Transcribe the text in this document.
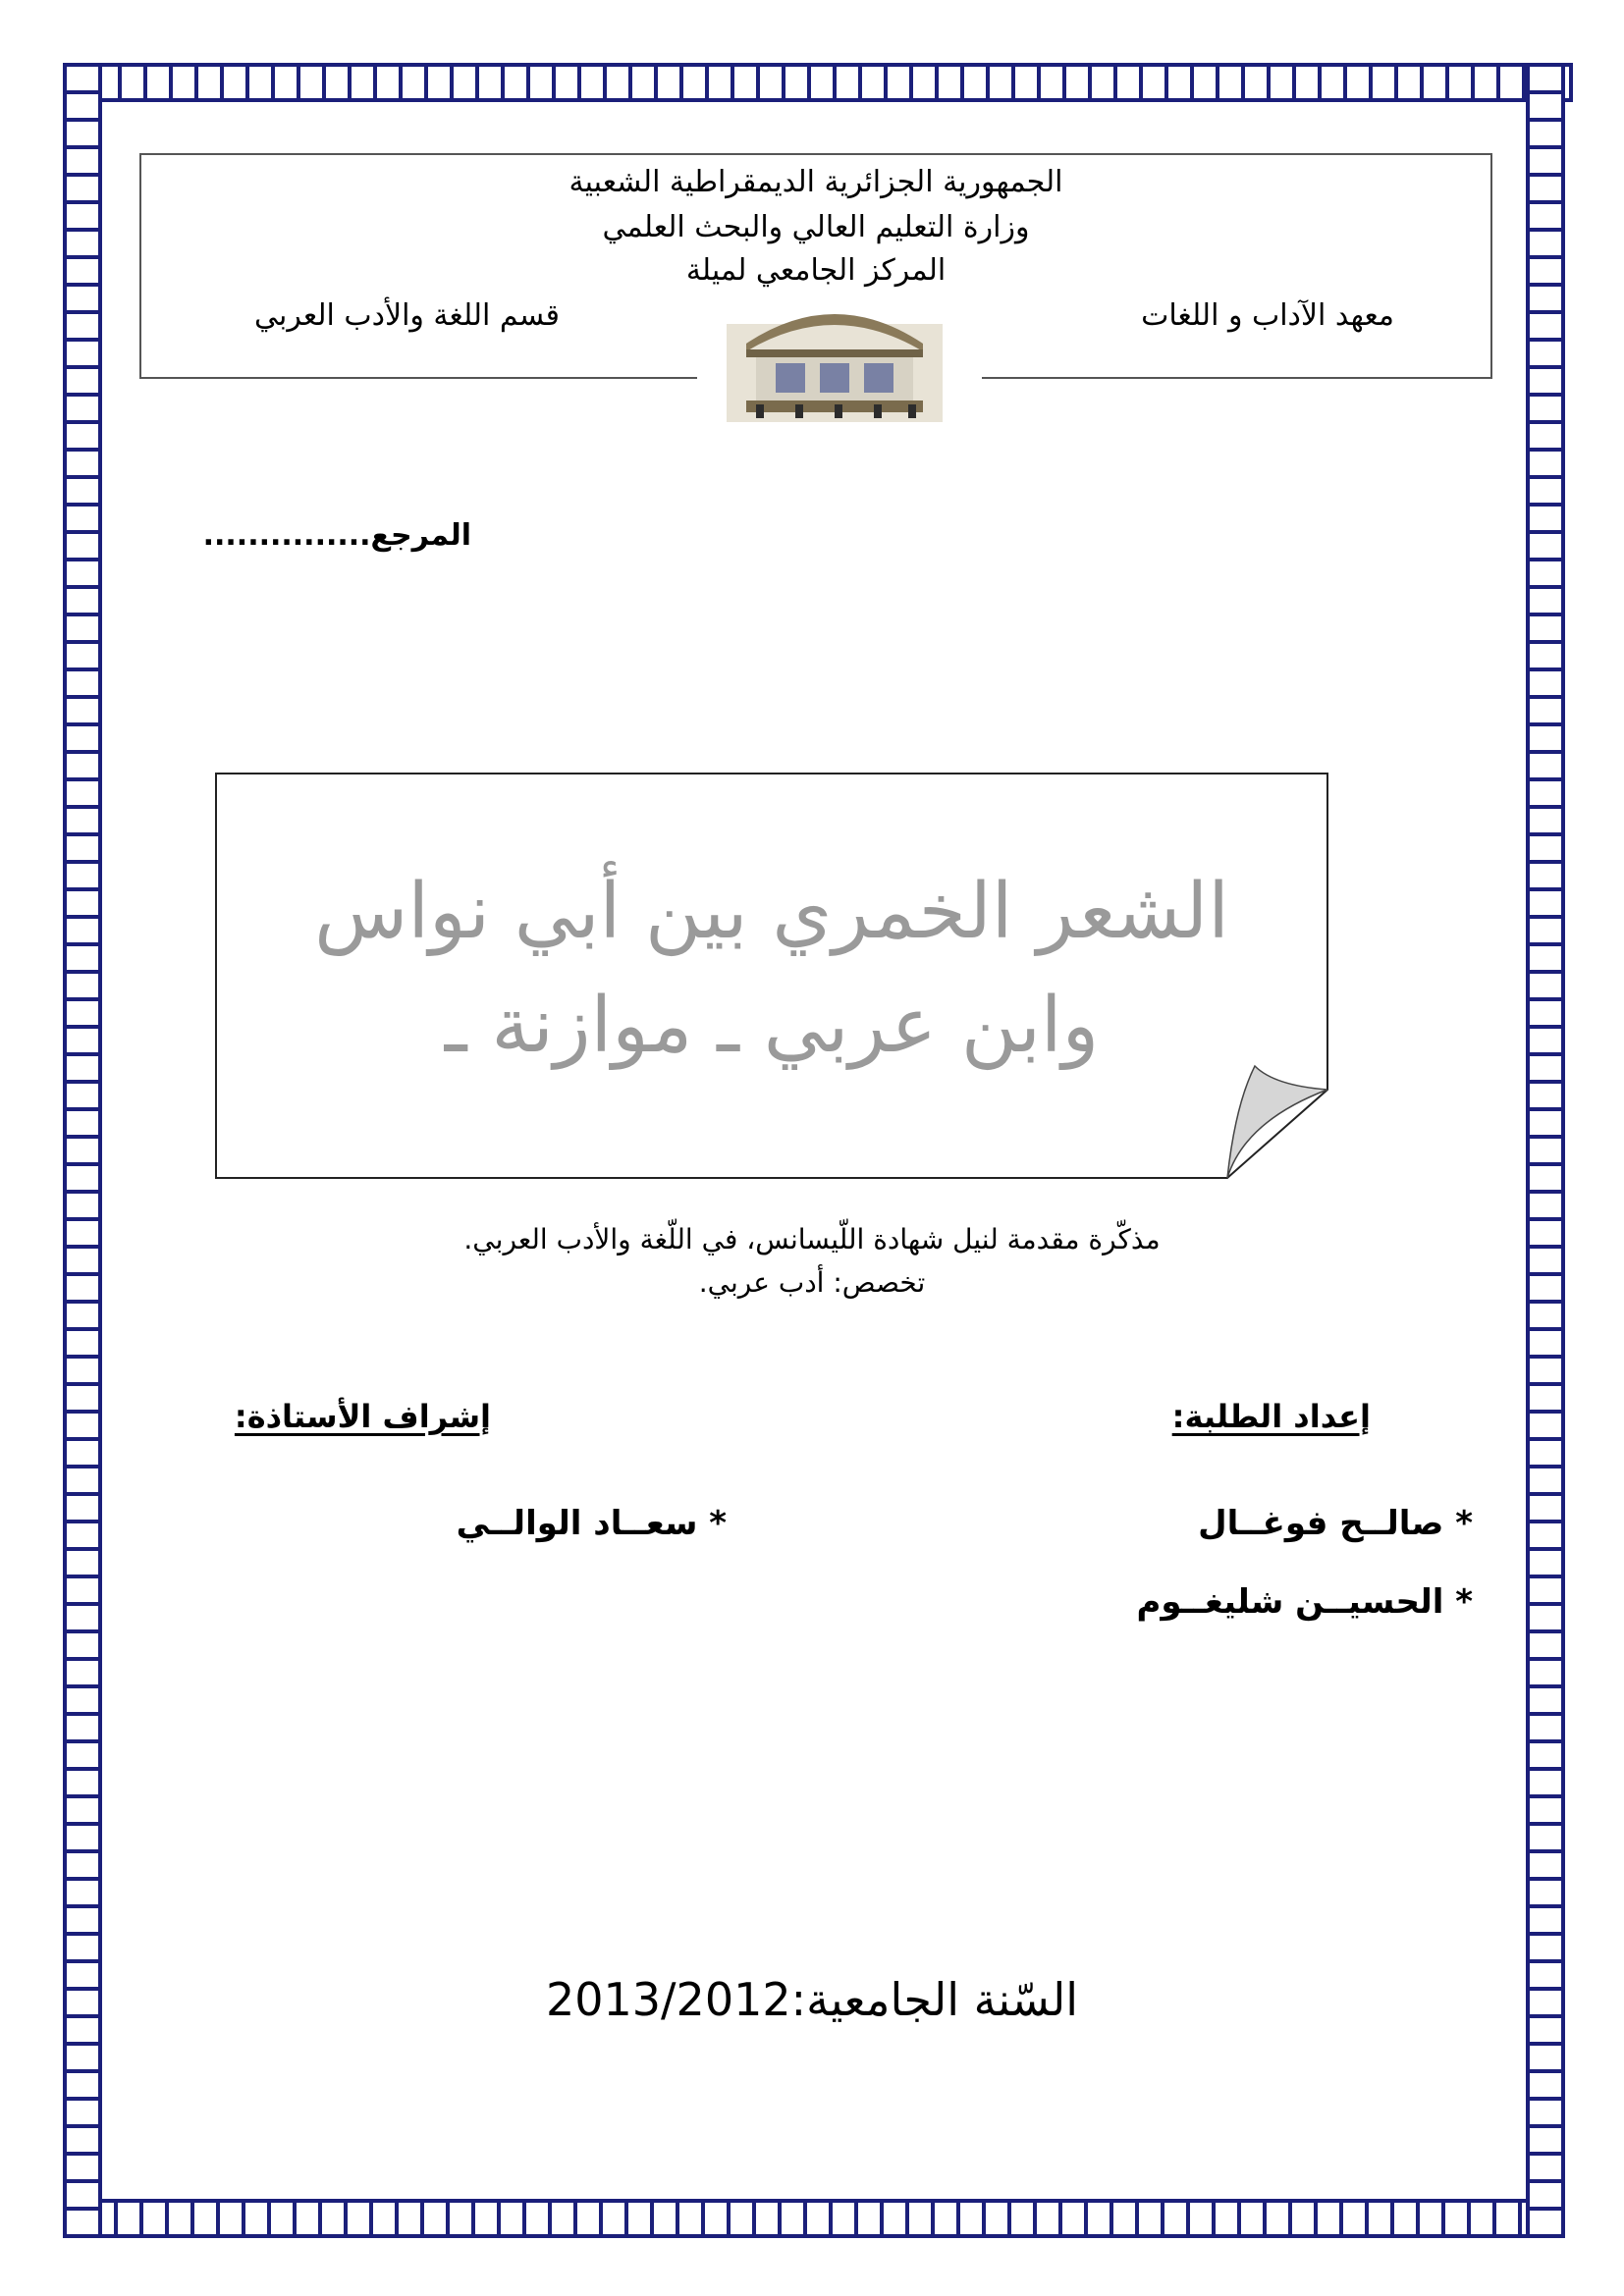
الجمهورية الجزائرية الديمقراطية الشعبية
وزارة التعليم العالي والبحث العلمي
المركز الجامعي لميلة
معهد الآداب و اللغات
قسم اللغة والأدب العربي
المرجع...............
الشعر الخمري بين أبي نواس
وابن عربي ـ موازنة ـ
مذكّرة مقدمة لنيل شهادة اللّيسانس، في اللّغة والأدب العربي.
تخصص: أدب عربي.
إعداد الطلبة:
* صالــح فوغــال
* الحسيــن شليغــوم
إشراف الأستاذة:
* سعــاد الوالــي
السّنة الجامعية:2013/2012
